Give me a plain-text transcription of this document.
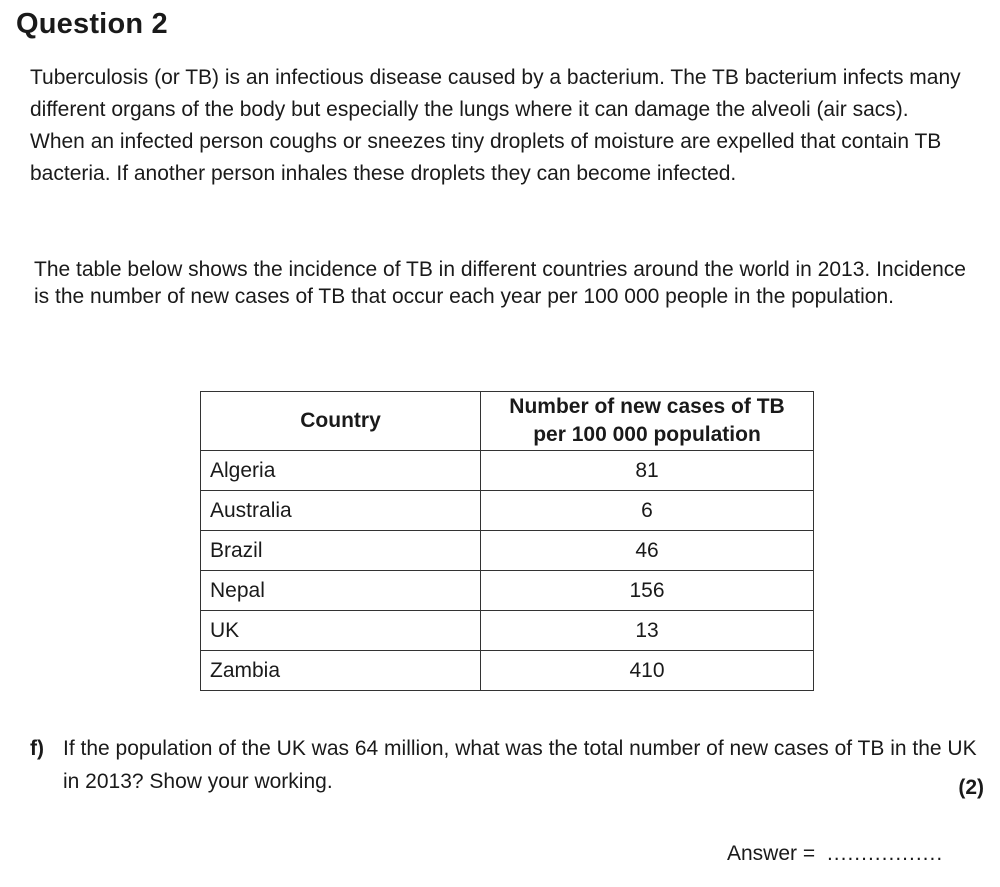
Question 2

Tuberculosis (or TB) is an infectious disease caused by a bacterium. The TB bacterium infects many different organs of the body but especially the lungs where it can damage the alveoli (air sacs). When an infected person coughs or sneezes tiny droplets of moisture are expelled that contain TB bacteria. If another person inhales these droplets they can become infected.

The table below shows the incidence of TB in different countries around the world in 2013. Incidence is the number of new cases of TB that occur each year per 100 000 people in the population.

Country	Number of new cases of TB
per 100 000 population

Algeria	81
Australia	6
Brazil	46
Nepal	156
UK	13
Zambia	410
f) If the population of the UK was 64 million, what was the total number of new cases of TB in the UK in 2013? Show your working.	(2)
Answer = .................
